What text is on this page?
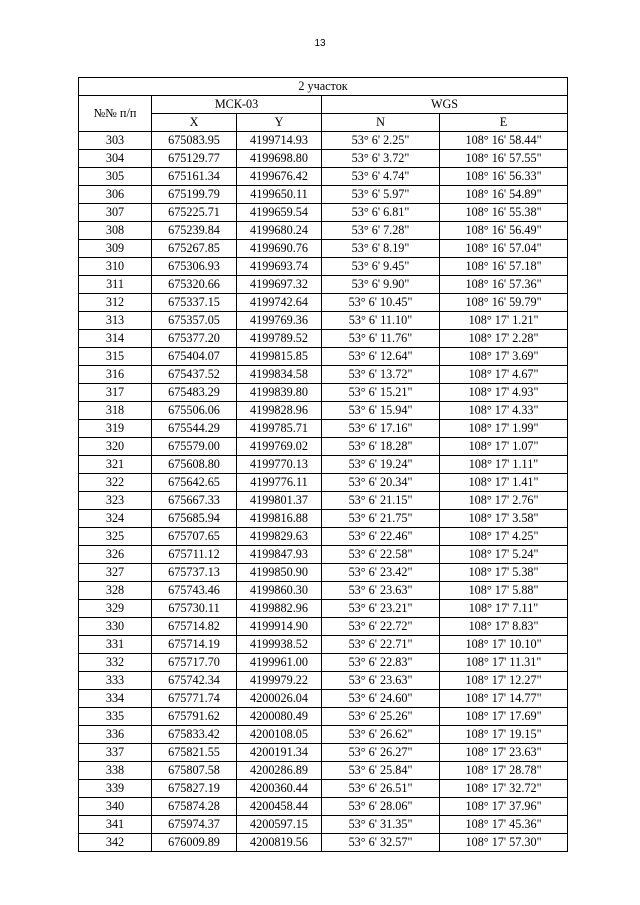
13
2 участок				
№№ п/п	МСК-03		WGS	
	X	Y	N	E
303	675083.95	4199714.93	53° 6' 2.25"	108° 16' 58.44"
304	675129.77	4199698.80	53° 6' 3.72"	108° 16' 57.55"
305	675161.34	4199676.42	53° 6' 4.74"	108° 16' 56.33"
306	675199.79	4199650.11	53° 6' 5.97"	108° 16' 54.89"
307	675225.71	4199659.54	53° 6' 6.81"	108° 16' 55.38"
308	675239.84	4199680.24	53° 6' 7.28"	108° 16' 56.49"
309	675267.85	4199690.76	53° 6' 8.19"	108° 16' 57.04"
310	675306.93	4199693.74	53° 6' 9.45"	108° 16' 57.18"
311	675320.66	4199697.32	53° 6' 9.90"	108° 16' 57.36"
312	675337.15	4199742.64	53° 6' 10.45"	108° 16' 59.79"
313	675357.05	4199769.36	53° 6' 11.10"	108° 17' 1.21"
314	675377.20	4199789.52	53° 6' 11.76"	108° 17' 2.28"
315	675404.07	4199815.85	53° 6' 12.64"	108° 17' 3.69"
316	675437.52	4199834.58	53° 6' 13.72"	108° 17' 4.67"
317	675483.29	4199839.80	53° 6' 15.21"	108° 17' 4.93"
318	675506.06	4199828.96	53° 6' 15.94"	108° 17' 4.33"
319	675544.29	4199785.71	53° 6' 17.16"	108° 17' 1.99"
320	675579.00	4199769.02	53° 6' 18.28"	108° 17' 1.07"
321	675608.80	4199770.13	53° 6' 19.24"	108° 17' 1.11"
322	675642.65	4199776.11	53° 6' 20.34"	108° 17' 1.41"
323	675667.33	4199801.37	53° 6' 21.15"	108° 17' 2.76"
324	675685.94	4199816.88	53° 6' 21.75"	108° 17' 3.58"
325	675707.65	4199829.63	53° 6' 22.46"	108° 17' 4.25"
326	675711.12	4199847.93	53° 6' 22.58"	108° 17' 5.24"
327	675737.13	4199850.90	53° 6' 23.42"	108° 17' 5.38"
328	675743.46	4199860.30	53° 6' 23.63"	108° 17' 5.88"
329	675730.11	4199882.96	53° 6' 23.21"	108° 17' 7.11"
330	675714.82	4199914.90	53° 6' 22.72"	108° 17' 8.83"
331	675714.19	4199938.52	53° 6' 22.71"	108° 17' 10.10"
332	675717.70	4199961.00	53° 6' 22.83"	108° 17' 11.31"
333	675742.34	4199979.22	53° 6' 23.63"	108° 17' 12.27"
334	675771.74	4200026.04	53° 6' 24.60"	108° 17' 14.77"
335	675791.62	4200080.49	53° 6' 25.26"	108° 17' 17.69"
336	675833.42	4200108.05	53° 6' 26.62"	108° 17' 19.15"
337	675821.55	4200191.34	53° 6' 26.27"	108° 17' 23.63"
338	675807.58	4200286.89	53° 6' 25.84"	108° 17' 28.78"
339	675827.19	4200360.44	53° 6' 26.51"	108° 17' 32.72"
340	675874.28	4200458.44	53° 6' 28.06"	108° 17' 37.96"
341	675974.37	4200597.15	53° 6' 31.35"	108° 17' 45.36"
342	676009.89	4200819.56	53° 6' 32.57"	108° 17' 57.30"
